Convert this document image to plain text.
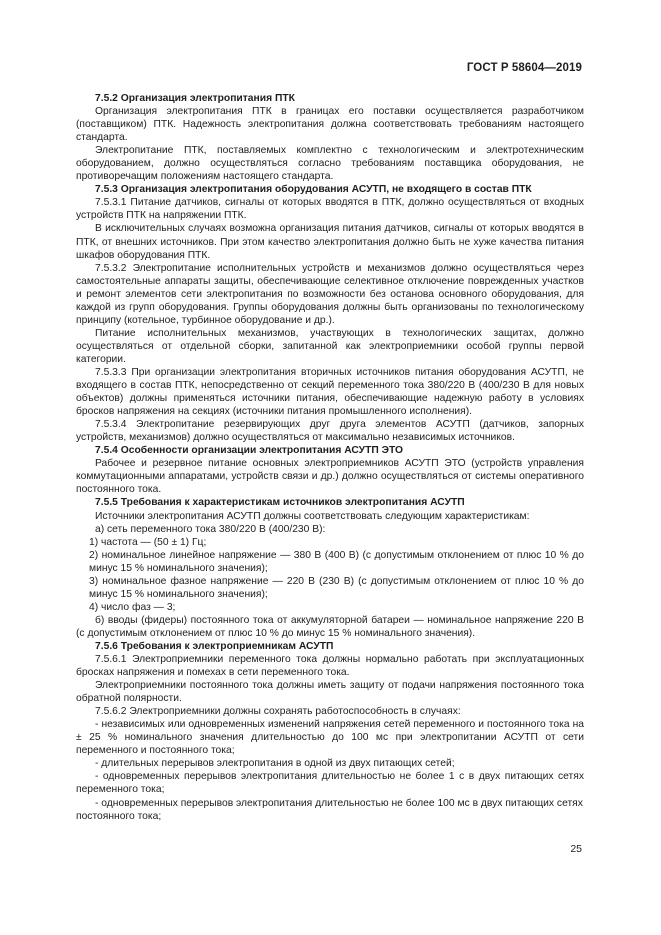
ГОСТ Р 58604—2019

7.5.2 Организация электропитания ПТК

Организация электропитания ПТК в границах его поставки осуществляется разработчиком (поставщиком) ПТК. Надежность электропитания должна соответствовать требованиям настоящего стандарта.

Электропитание ПТК, поставляемых комплектно с технологическим и электротехническим оборудованием, должно осуществляться согласно требованиям поставщика оборудования, не противоречащим положениям настоящего стандарта.

7.5.3 Организация электропитания оборудования АСУТП, не входящего в состав ПТК

7.5.3.1 Питание датчиков, сигналы от которых вводятся в ПТК, должно осуществляться от входных устройств ПТК на напряжении ПТК.

В исключительных случаях возможна организация питания датчиков, сигналы от которых вводятся в ПТК, от внешних источников. При этом качество электропитания должно быть не хуже качества питания шкафов оборудования ПТК.

7.5.3.2 Электропитание исполнительных устройств и механизмов должно осуществляться через самостоятельные аппараты защиты, обеспечивающие селективное отключение поврежденных участков и ремонт элементов сети электропитания по возможности без останова основного оборудования, для каждой из групп оборудования. Группы оборудования должны быть организованы по технологическому принципу (котельное, турбинное оборудование и др.).

Питание исполнительных механизмов, участвующих в технологических защитах, должно осуществляться от отдельной сборки, запитанной как электроприемники особой группы первой категории.

7.5.3.3 При организации электропитания вторичных источников питания оборудования АСУТП, не входящего в состав ПТК, непосредственно от секций переменного тока 380/220 В (400/230 В для новых объектов) должны применяться источники питания, обеспечивающие надежную работу в условиях бросков напряжения на секциях (источники питания промышленного исполнения).

7.5.3.4 Электропитание резервирующих друг друга элементов АСУТП (датчиков, запорных устройств, механизмов) должно осуществляться от максимально независимых источников.

7.5.4 Особенности организации электропитания АСУТП ЭТО

Рабочее и резервное питание основных электроприемников АСУТП ЭТО (устройств управления коммутационными аппаратами, устройств связи и др.) должно осуществляться от системы оперативного постоянного тока.

7.5.5 Требования к характеристикам источников электропитания АСУТП

Источники электропитания АСУТП должны соответствовать следующим характеристикам:

а) сеть переменного тока 380/220 В (400/230 В):

1) частота — (50 ± 1) Гц;

2) номинальное линейное напряжение — 380 В (400 В) (с допустимым отклонением от плюс 10 % до минус 15 % номинального значения);

3) номинальное фазное напряжение — 220 В (230 В) (с допустимым отклонением от плюс 10 % до минус 15 % номинального значения);

4) число фаз — 3;

б) вводы (фидеры) постоянного тока от аккумуляторной батареи — номинальное напряжение 220 В (с допустимым отклонением от плюс 10 % до минус 15 % номинального значения).

7.5.6 Требования к электроприемникам АСУТП

7.5.6.1 Электроприемники переменного тока должны нормально работать при эксплуатационных бросках напряжения и помехах в сети переменного тока.

Электроприемники постоянного тока должны иметь защиту от подачи напряжения постоянного тока обратной полярности.

7.5.6.2 Электроприемники должны сохранять работоспособность в случаях:

- независимых или одновременных изменений напряжения сетей переменного и постоянного тока на ± 25 % номинального значения длительностью до 100 мс при электропитании АСУТП от сети переменного и постоянного тока;

- длительных перерывов электропитания в одной из двух питающих сетей;

- одновременных перерывов электропитания длительностью не более 1 с в двух питающих сетях переменного тока;

- одновременных перерывов электропитания длительностью не более 100 мс в двух питающих сетях постоянного тока;

25
